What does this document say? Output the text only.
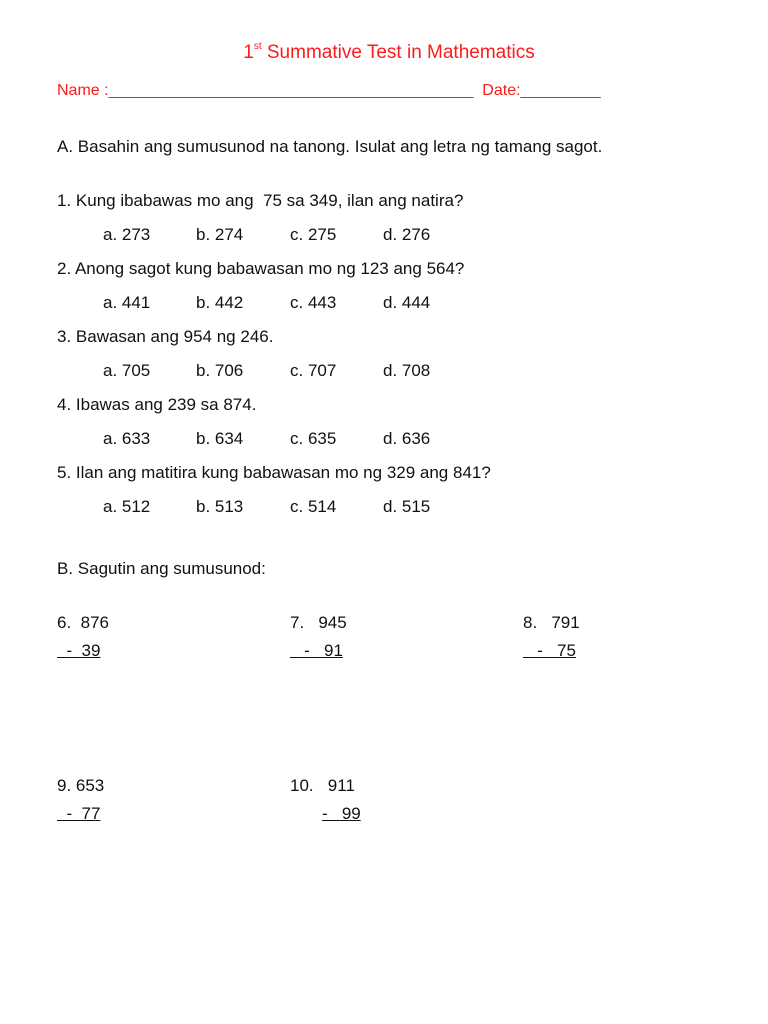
1st Summative Test in Mathematics
Name :_________________________________________  Date:_________
A. Basahin ang sumusunod na tanong. Isulat ang letra ng tamang sagot.
1. Kung ibabawas mo ang  75 sa 349, ilan ang natira?
a. 273	b. 274	c. 275	d. 276
2. Anong sagot kung babawasan mo ng 123 ang 564?
a. 441	b. 442	c. 443	d. 444
3. Bawasan ang 954 ng 246.
a. 705	b. 706	c. 707	d. 708
4. Ibawas ang 239 sa 874.
a. 633	b. 634	c. 635	d. 636
5. Ilan ang matitira kung babawasan mo ng 329 ang 841?
a. 512	b. 513	c. 514	d. 515
B. Sagutin ang sumusunod:
6.  876
-  39
7.   945
-   91
8.   791
-   75
9. 653
-  77
10.   911
-   99
